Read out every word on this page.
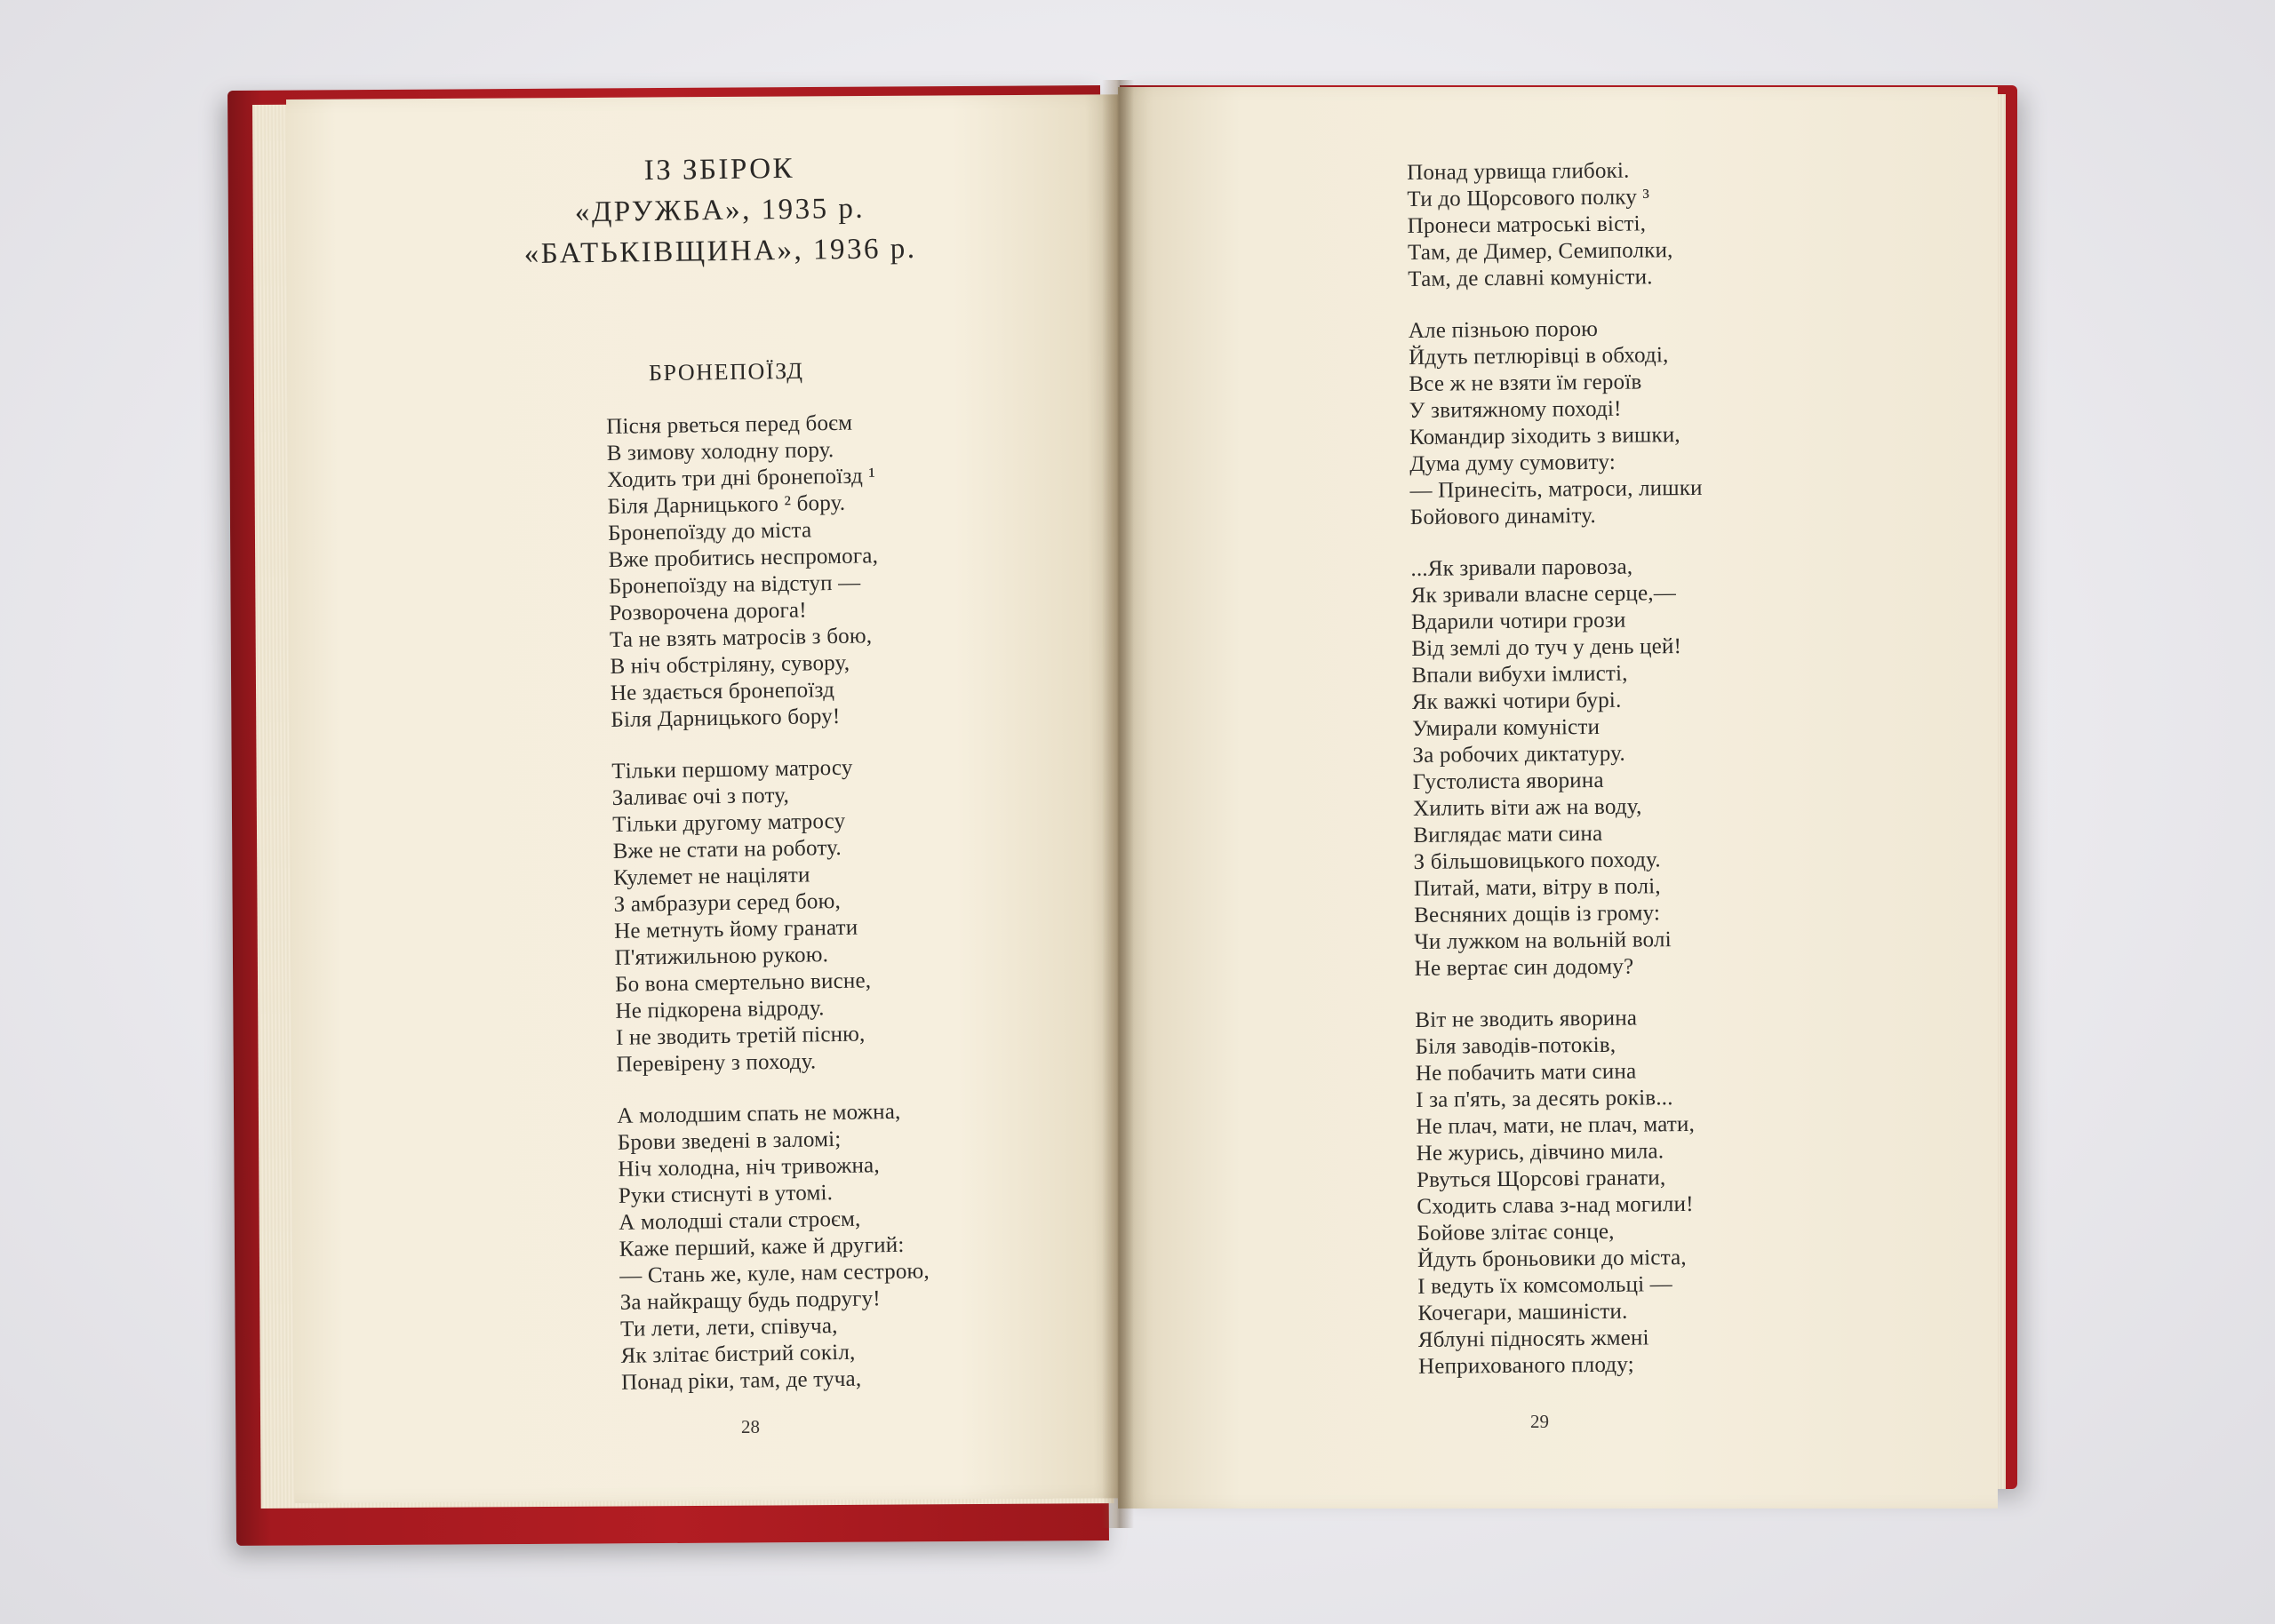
ІЗ ЗБІРОК
«ДРУЖБА», 1935 р.
«БАТЬКІВЩИНА», 1936 р.
БРОНЕПОЇЗД
Пісня рветься перед боєм
В зимову холодну пору.
Ходить три дні бронепоїзд ¹
Біля Дарницького ² бору.
Бронепоїзду до міста
Вже пробитись неспромога,
Бронепоїзду на відступ —
Розворочена дорога!
Та не взять матросів з бою,
В ніч обстріляну, сувору,
Не здається бронепоїзд
Біля Дарницького бору!
Тільки першому матросу
Заливає очі з поту,
Тільки другому матросу
Вже не стати на роботу.
Кулемет не націляти
З амбразури серед бою,
Не метнуть йому гранати
П'ятижильною рукою.
Бо вона смертельно висне,
Не підкорена відроду.
І не зводить третій пісню,
Перевірену з походу.
А молодшим спать не можна,
Брови зведені в заломі;
Ніч холодна, ніч тривожна,
Руки стиснуті в утомі.
А молодші стали строєм,
Каже перший, каже й другий:
— Стань же, куле, нам сестрою,
За найкращу будь подругу!
Ти лети, лети, співуча,
Як злітає бистрий сокіл,
Понад ріки, там, де туча,
28
Понад урвища глибокі.
Ти до Щорсового полку ³
Пронеси матроські вісті,
Там, де Димер, Семиполки,
Там, де славні комуністи.
Але пізньою порою
Йдуть петлюрівці в обході,
Все ж не взяти їм героїв
У звитяжному поході!
Командир зіходить з вишки,
Дума думу сумовиту:
— Принесіть, матроси, лишки
Бойового динаміту.
...Як зривали паровоза,
Як зривали власне серце,—
Вдарили чотири грози
Від землі до туч у день цей!
Впали вибухи імлисті,
Як важкі чотири бурі.
Умирали комуністи
За робочих диктатуру.
Густолиста яворина
Хилить віти аж на воду,
Виглядає мати сина
З більшовицького походу.
Питай, мати, вітру в полі,
Весняних дощів із грому:
Чи лужком на вольній волі
Не вертає син додому?
Віт не зводить яворина
Біля заводів-потоків,
Не побачить мати сина
І за п'ять, за десять років...
Не плач, мати, не плач, мати,
Не журись, дівчино мила.
Рвуться Щорсові гранати,
Сходить слава з-над могили!
Бойове злітає сонце,
Йдуть броньовики до міста,
І ведуть їх комсомольці —
Кочегари, машиністи.
Яблуні підносять жмені
Неприхованого плоду;
29
